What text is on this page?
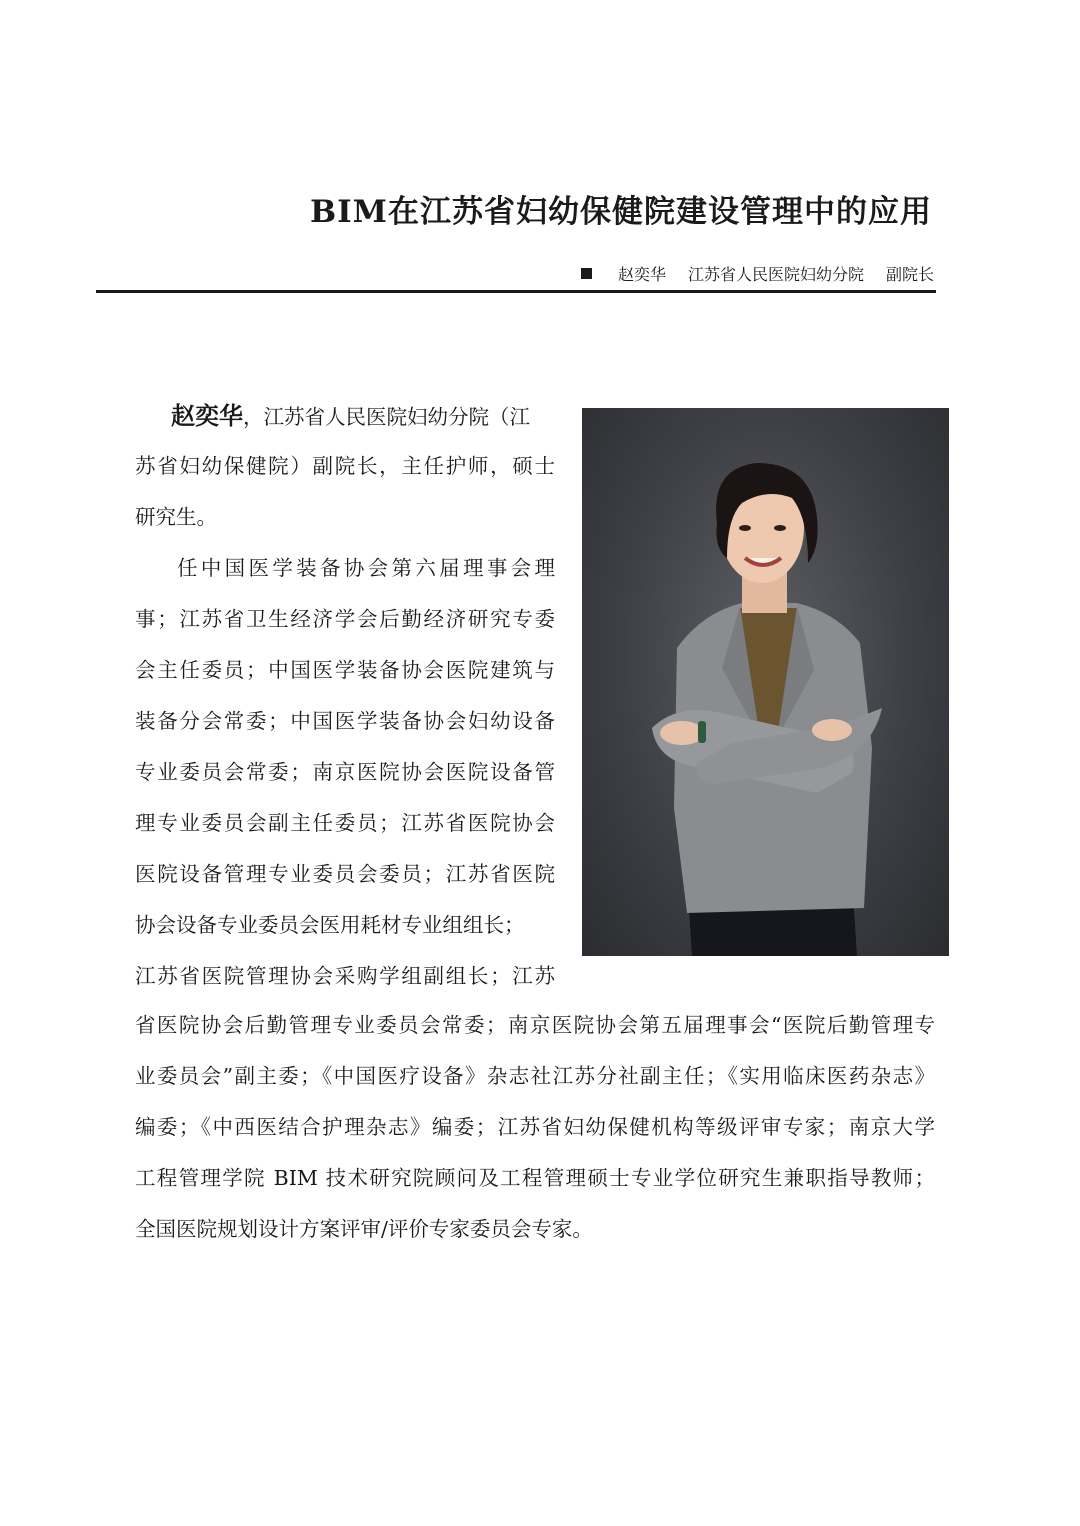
BIM在江苏省妇幼保健院建设管理中的应用
赵奕华 江苏省人民医院妇幼分院 副院长
赵奕华，江苏省人民医院妇幼分院（江
苏省妇幼保健院）副院长，主任护师，硕士
研究生。
任中国医学装备协会第六届理事会理
事；江苏省卫生经济学会后勤经济研究专委
会主任委员；中国医学装备协会医院建筑与
装备分会常委；中国医学装备协会妇幼设备
专业委员会常委；南京医院协会医院设备管
理专业委员会副主任委员；江苏省医院协会
医院设备管理专业委员会委员；江苏省医院
协会设备专业委员会医用耗材专业组组长；
江苏省医院管理协会采购学组副组长；江苏
省医院协会后勤管理专业委员会常委；南京医院协会第五届理事会“医院后勤管理专
业委员会”副主委；《中国医疗设备》杂志社江苏分社副主任；《实用临床医药杂志》
编委；《中西医结合护理杂志》编委；江苏省妇幼保健机构等级评审专家；南京大学
工程管理学院 BIM 技术研究院顾问及工程管理硕士专业学位研究生兼职指导教师；
全国医院规划设计方案评审/评价专家委员会专家。
